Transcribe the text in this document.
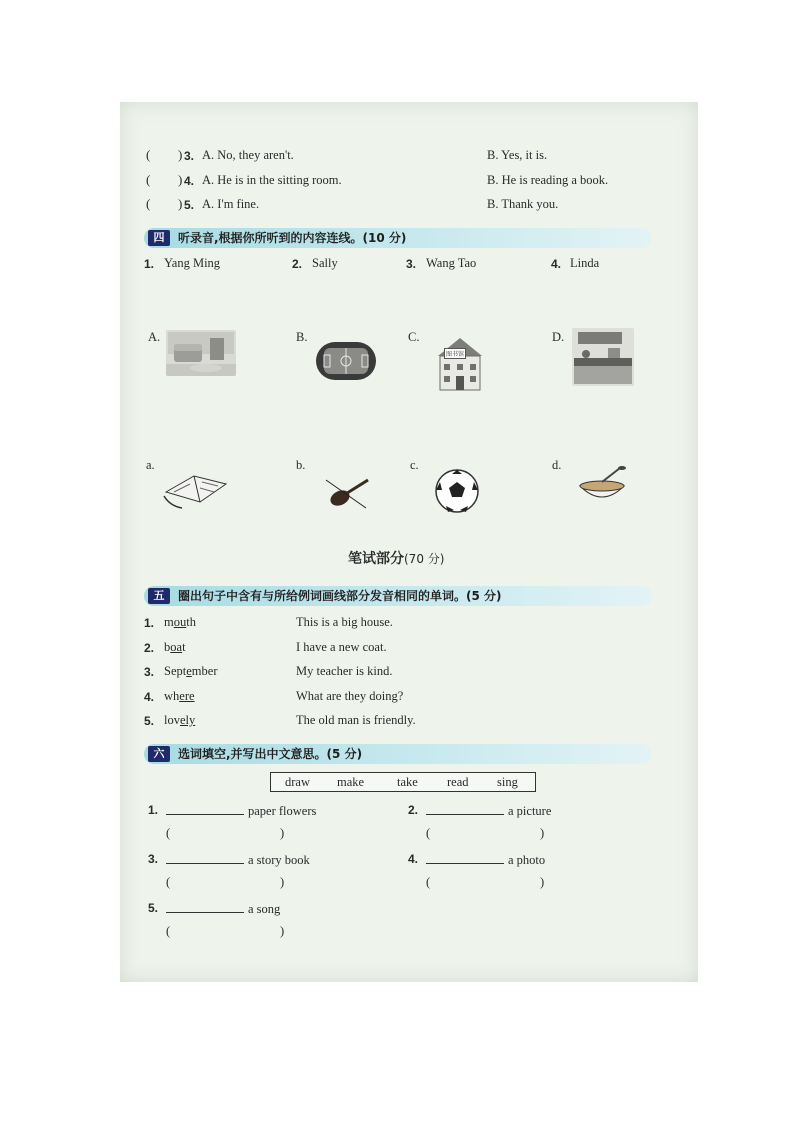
( ) 3. A. No, they aren't.	B. Yes, it is.
( ) 4. A. He is in the sitting room.	B. He is reading a book.
( ) 5. A. I'm fine.	B. Thank you.
四	听录音,根据你所听到的内容连线。(10 分)
1. Yang Ming	2. Sally	3. Wang Tao	4. Linda
A.	B.	C.
图书馆
D.
a.	b.	c.	d.
笔试部分(70 分)
五	圈出句子中含有与所给例词画线部分发音相同的单词。(5 分)
1. mouth	This is a big house.
2. boat	I have a new coat.
3. September	My teacher is kind.
4. where	What are they doing?
5. lovely	The old man is friendly.
六	选词填空,并写出中文意思。(5 分)
draw make	take read sing
1.	paper flowers
(	)
2.	a picture
(	)
3.	a story book
(	)
4.	a photo
(	)
5.	a song
(	)
